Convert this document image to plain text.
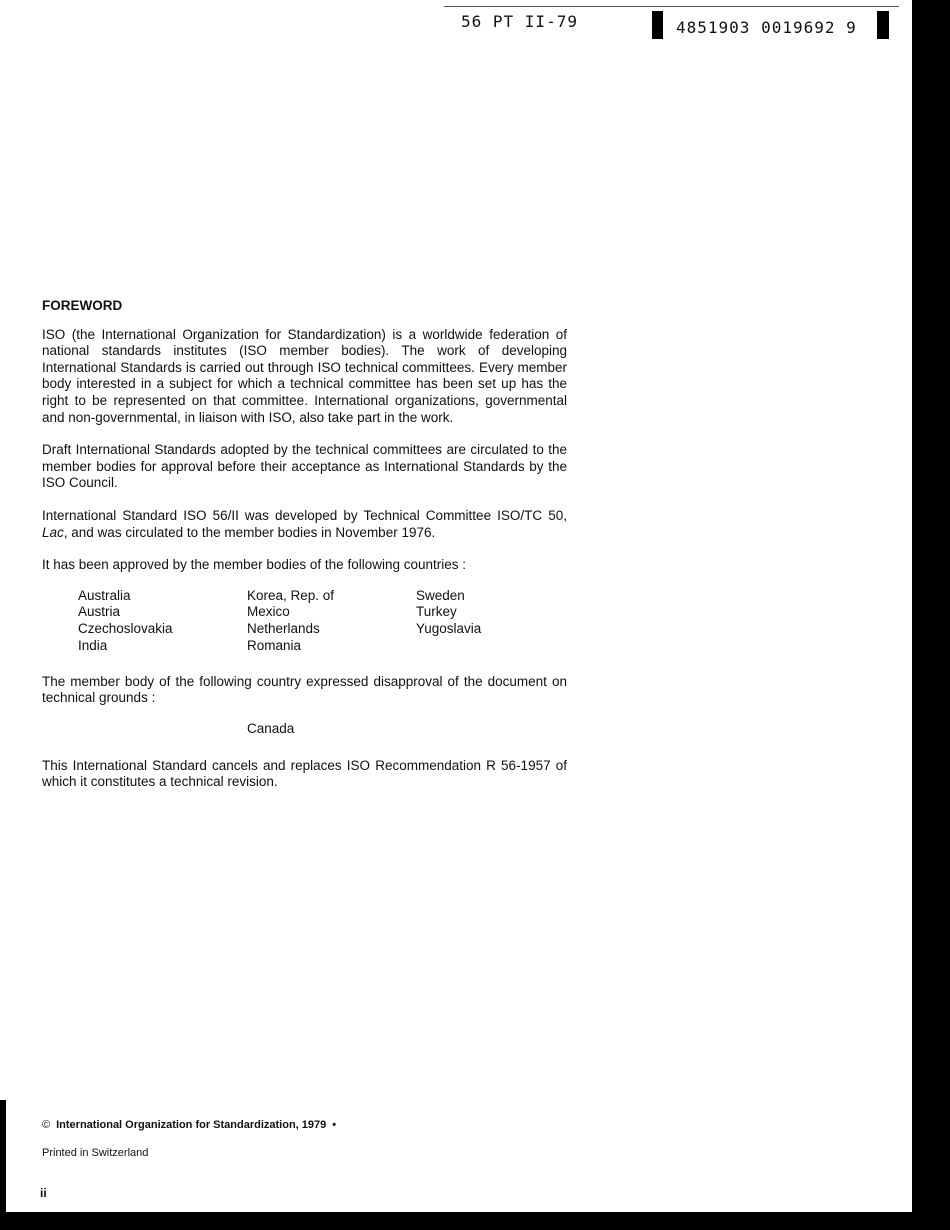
56 PT II-79	4851903 0019692 9
FOREWORD

ISO (the International Organization for Standardization) is a worldwide federation of national standards institutes (ISO member bodies). The work of developing International Standards is carried out through ISO technical committees. Every member body interested in a subject for which a technical committee has been set up has the right to be represented on that committee. International organizations, governmental and non-governmental, in liaison with ISO, also take part in the work.

Draft International Standards adopted by the technical committees are circulated to the member bodies for approval before their acceptance as International Standards by the ISO Council.

International Standard ISO 56/II was developed by Technical Committee ISO/TC 50, Lac, and was circulated to the member bodies in November 1976.

It has been approved by the member bodies of the following countries :

Australia
Austria
Czechoslovakia
India
Korea, Rep. of
Mexico
Netherlands
Romania
Sweden
Turkey
Yugoslavia

The member body of the following country expressed disapproval of the document on technical grounds :

Canada

This International Standard cancels and replaces ISO Recommendation R 56-1957 of which it constitutes a technical revision.

© International Organization for Standardization, 1979 •
Printed in Switzerland
ii
